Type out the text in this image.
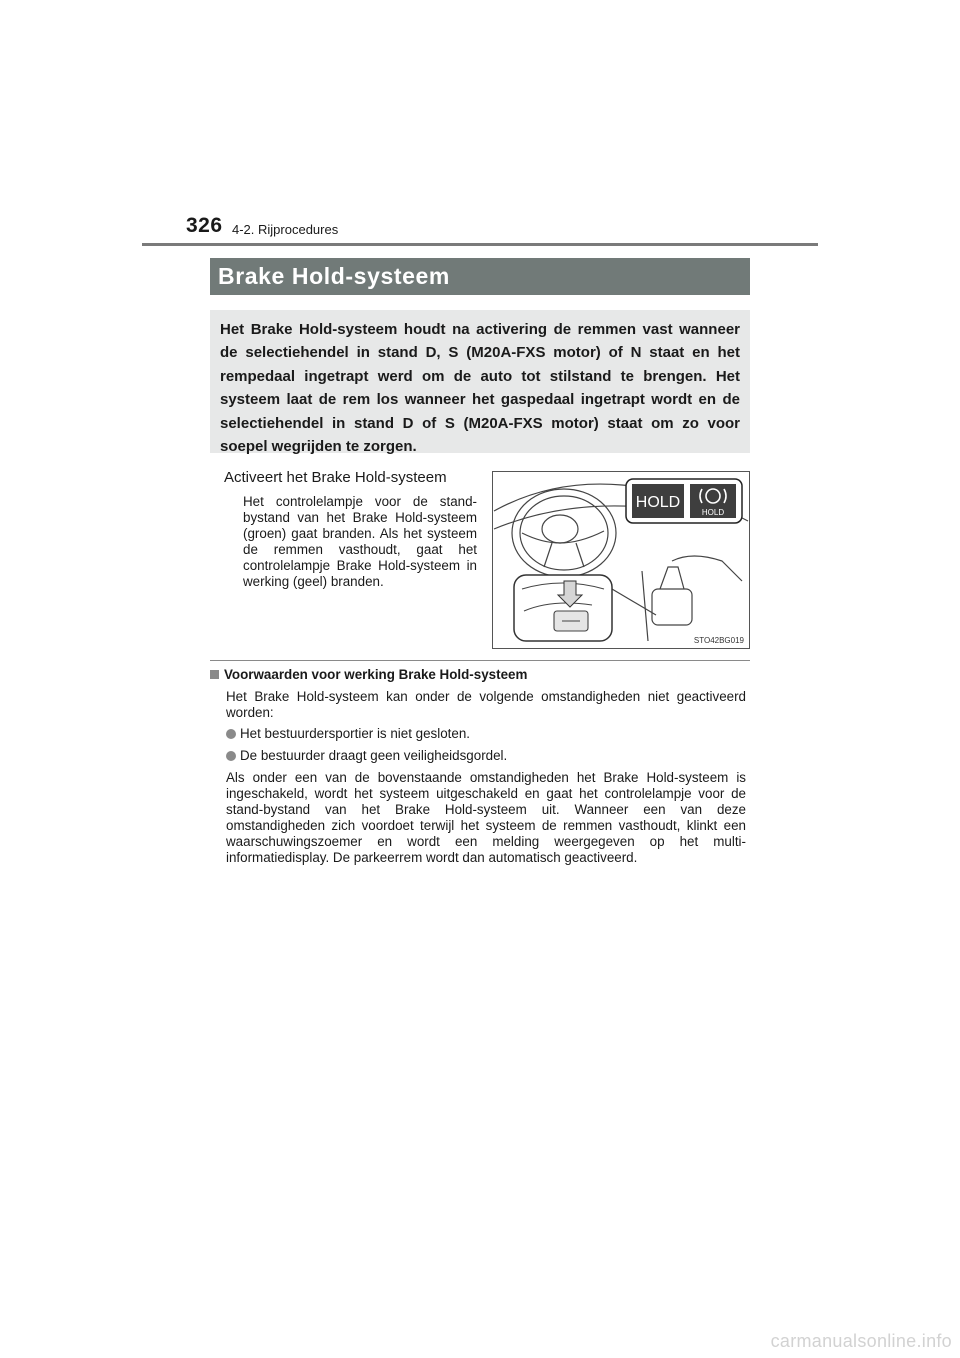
326 4-2. Rijprocedures
Brake Hold-systeem
Het Brake Hold-systeem houdt na activering de remmen vast wanneer de selectiehendel in stand D, S (M20A-FXS motor) of N staat en het rempedaal ingetrapt werd om de auto tot stilstand te brengen. Het systeem laat de rem los wanneer het gaspedaal ingetrapt wordt en de selectiehendel in stand D of S (M20A-FXS motor) staat om zo voor soepel wegrijden te zorgen.
Activeert het Brake Hold-systeem
Het controlelampje voor de stand-bystand van het Brake Hold-systeem (groen) gaat branden. Als het systeem de remmen vasthoudt, gaat het controlelampje Brake Hold-systeem in werking (geel) branden.
HOLD
HOLD
STO42BG019
Voorwaarden voor werking Brake Hold-systeem
Het Brake Hold-systeem kan onder de volgende omstandigheden niet geactiveerd worden:
Het bestuurdersportier is niet gesloten.
De bestuurder draagt geen veiligheidsgordel.
Als onder een van de bovenstaande omstandigheden het Brake Hold-systeem is ingeschakeld, wordt het systeem uitgeschakeld en gaat het controlelampje voor de stand-bystand van het Brake Hold-systeem uit. Wanneer een van deze omstandigheden zich voordoet terwijl het systeem de remmen vasthoudt, klinkt een waarschuwingszoemer en wordt een melding weergegeven op het multi-informatiedisplay. De parkeerrem wordt dan automatisch geactiveerd.
carmanualsonline.info
